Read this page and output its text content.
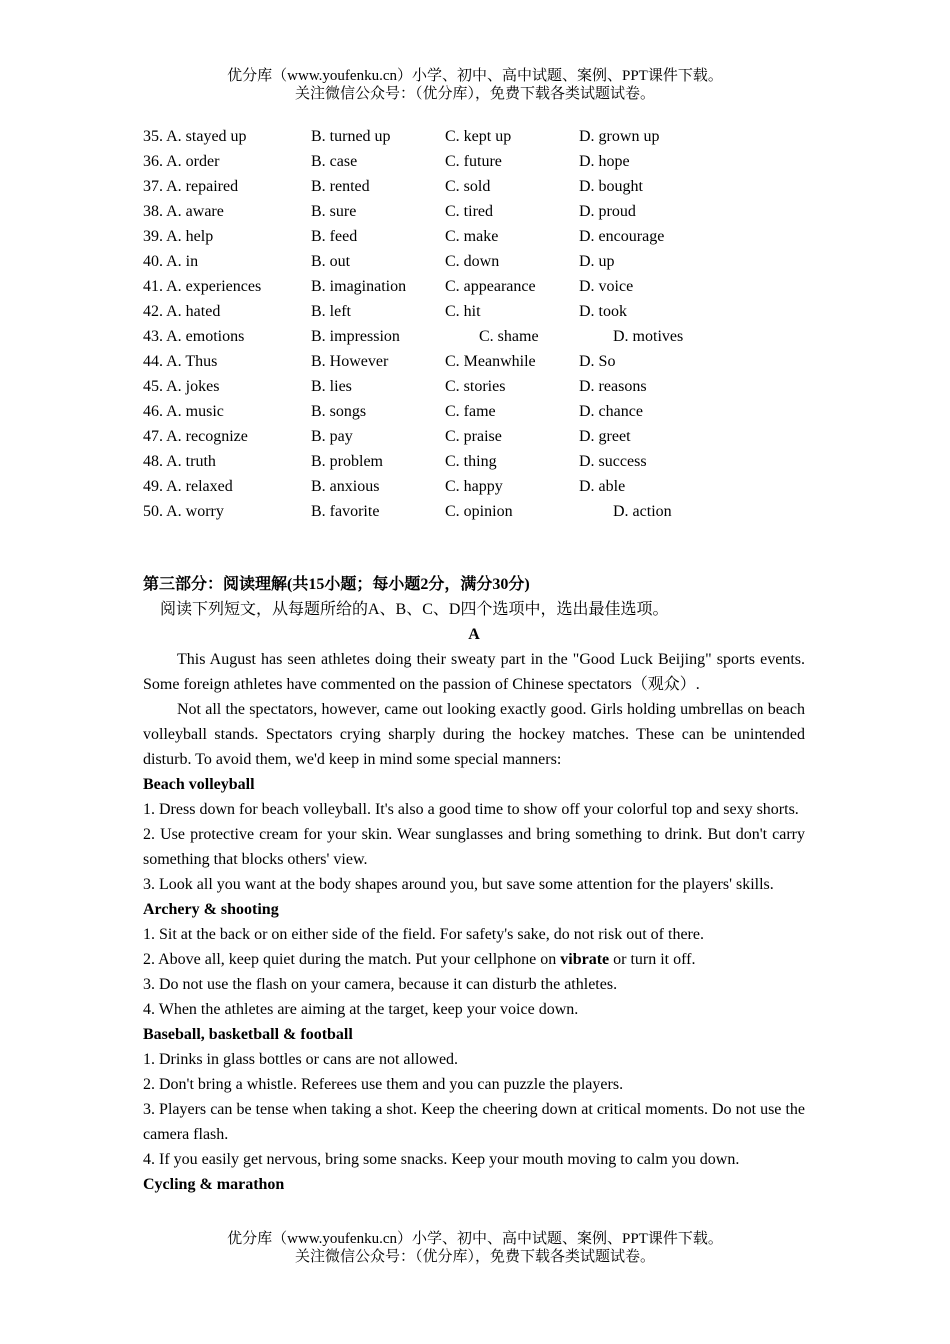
优分库（www.youfenku.cn）小学、初中、高中试题、案例、PPT课件下载。
关注微信公众号：（优分库），免费下载各类试题试卷。
35. A. stayed up	B. turned up	C. kept up	D. grown up
36. A. order	B. case	C. future	D. hope
37. A. repaired	B. rented	C. sold	D. bought
38. A. aware	B. sure	C. tired	D. proud
39. A. help	B. feed	C. make	D. encourage
40. A. in	B. out	C. down	D. up
41. A. experiences	B. imagination C. appearance	D. voice
42. A. hated	B. left	C. hit	D. took
43. A. emotions	B. impression	C. shame	D. motives
44. A. Thus	B. However	C. Meanwhile	D. So
45. A. jokes	B. lies	C. stories	D. reasons
46. A. music	B. songs	C. fame	D. chance
47. A. recognize	B. pay	C. praise	D. greet
48. A. truth	B. problem	C. thing	D. success
49. A. relaxed	B. anxious	C. happy	D. able
50. A. worry	B. favorite	C. opinion	D. action
第三部分：阅读理解(共15小题；每小题2分，满分30分)
阅读下列短文，从每题所给的A、B、C、D四个选项中，选出最佳选项。
A
This August has seen athletes doing their sweaty part in the "Good Luck Beijing" sports events. Some foreign athletes have commented on the passion of Chinese spectators（观众）.
Not all the spectators, however, came out looking exactly good. Girls holding umbrellas on beach volleyball stands. Spectators crying sharply during the hockey matches. These can be unintended disturb. To avoid them, we'd keep in mind some special manners:
Beach volleyball
1. Dress down for beach volleyball. It's also a good time to show off your colorful top and sexy shorts.
2. Use protective cream for your skin. Wear sunglasses and bring something to drink. But don't carry something that blocks others' view.
3. Look all you want at the body shapes around you, but save some attention for the players' skills.
Archery & shooting
1. Sit at the back or on either side of the field. For safety's sake, do not risk out of there.
2. Above all, keep quiet during the match. Put your cellphone on vibrate or turn it off.
3. Do not use the flash on your camera, because it can disturb the athletes.
4. When the athletes are aiming at the target, keep your voice down.
Baseball, basketball & football
1. Drinks in glass bottles or cans are not allowed.
2. Don't bring a whistle. Referees use them and you can puzzle the players.
3. Players can be tense when taking a shot. Keep the cheering down at critical moments. Do not use the camera flash.
4. If you easily get nervous, bring some snacks. Keep your mouth moving to calm you down.
Cycling & marathon
优分库（www.youfenku.cn）小学、初中、高中试题、案例、PPT课件下载。
关注微信公众号：（优分库），免费下载各类试题试卷。
